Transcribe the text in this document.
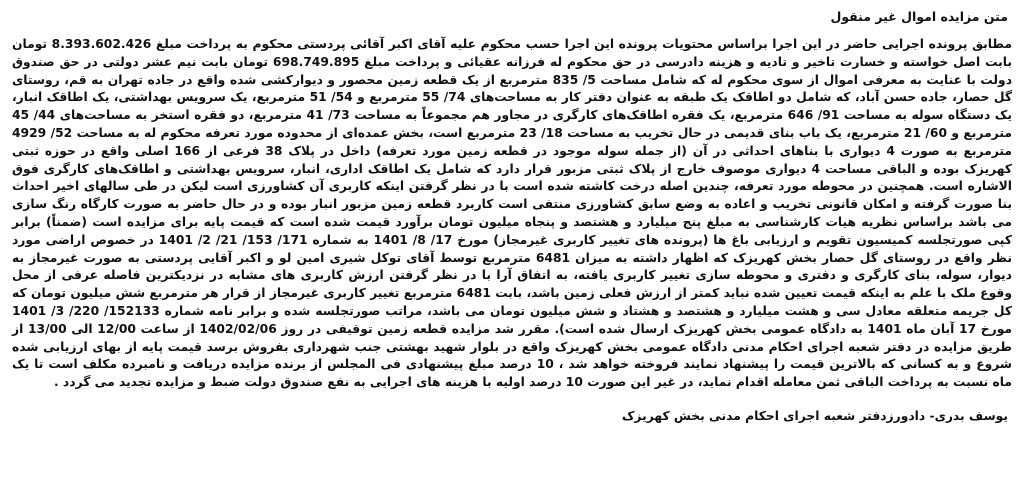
متن مزایده اموال غیر منقول

مطابق پرونده اجرایی حاضر در این اجرا براساس محتویات پرونده این اجرا حسب محکوم علیه آقای اکبر آقائی پردستی محکوم به پرداخت مبلغ 8.393.602.426 تومان بابت اصل خواسته و خسارت تاخیر و تادیه و هزینه دادرسی در حق محکوم له فرزانه عقیائی و پرداخت مبلغ 698.749.895 تومان بابت نیم عشر دولتی در حق صندوق دولت با عنایت به معرفی اموال از سوی محکوم له که شامل مساحت 5/ 835 مترمربع از یک قطعه زمین محصور و دیوارکشی شده واقع در جاده تهران به قم، روستای گل حصار، جاده حسن آباد، که شامل دو اطاقک یک طبقه به عنوان دفتر کار به مساحت‌های 74/ 55 مترمربع و 54/ 51 مترمربع، یک سرویس بهداشتی، یک اطاقک انبار، یک دستگاه سوله به مساحت 91/ 646 مترمربع، یک فقره اطاقک‌های کارگری در مجاور هم مجموعاً به مساحت 73/ 41 مترمربع، دو فقره استخر به مساحت‌های 44/ 45 مترمربع و 60/ 21 مترمربع، یک باب بنای قدیمی در حال تخریب به مساحت 18/ 23 مترمربع است، بخش عمده‌ای از محدوده مورد تعرفه محکوم له به مساحت 52/ 4929 مترمربع به صورت 4 دیواری با بناهای احداثی در آن (از جمله سوله موجود در قطعه زمین مورد تعرفه) داخل در پلاک 38 فرعی از 166 اصلی واقع در حوزه ثبتی کهریزک بوده و الباقی مساحت 4 دیواری موصوف خارج از پلاک ثبتی مزبور قرار دارد که شامل یک اطاقک اداری، انبار، سرویس بهداشتی و اطاقک‌های کارگری فوق الاشاره است. همچنین در محوطه مورد تعرفه، چندین اصله درخت کاشته شده است با در نظر گرفتن اینکه کاربری آن کشاورزی است لیکن در طی سالهای اخیر احداث بنا صورت گرفته و امکان قانونی تخریب و اعاده به وضع سابق کشاورزی منتفی است کاربرد قطعه زمین مزبور انبار بوده و در حال حاضر به صورت کارگاه رنگ سازی می باشد براساس نظریه هیات کارشناسی به مبلغ پنج میلیارد و هشتصد و پنجاه میلیون تومان برآورد قیمت شده است که قیمت پایه برای مزایده است (ضمناً) برابر کپی صورتجلسه کمیسیون تقویم و ارزیابی باغ ها (پرونده های تغییر کاربری غیرمجاز) مورخ 17/ 8/ 1401 به شماره 171/ 153/ 21/ 2/ 1401 در خصوص اراضی مورد نظر واقع در روستای گل حصار بخش کهریزک که اظهار داشته به میزان 6481 مترمربع توسط آقای توکل شیری امین لو و اکبر آقایی پردستی به صورت غیرمجاز به دیوار، سوله، بنای کارگری و دفتری و محوطه سازی تغییر کاربری یافته، به اتفاق آرا با در نظر گرفتن ارزش کاربری های مشابه در نزدیکترین فاصله عرفی از محل وقوع ملک با علم به اینکه قیمت تعیین شده نباید کمتر از ارزش فعلی زمین باشد، بابت 6481 مترمربع تغییر کاربری غیرمجاز از قرار هر مترمربع شش میلیون تومان که کل جریمه متعلقه معادل سی و هشت میلیارد و هشتصد و هشتاد و شش میلیون تومان می باشد، مراتب صورتجلسه شده و برابر نامه شماره 152133/ 220/ 3/ 1401 مورخ 17 آبان ماه 1401 به دادگاه عمومی بخش کهریزک ارسال شده است). مقرر شد مزایده قطعه زمین توقیفی در روز 1402/02/06 از ساعت 12/00 الی 13/00 از طریق مزایده در دفتر شعبه اجرای احکام مدنی دادگاه عمومی بخش کهریزک واقع در بلوار شهید بهشتی جنب شهرداری بفروش برسد قیمت پایه از بهای ارزیابی شده شروع و به کسانی که بالاترین قیمت را پیشنهاد نمایند فروخته خواهد شد ، 10 درصد مبلغ پیشنهادی فی المجلس از برنده مزایده دریافت و نامبرده مکلف است تا یک ماه نسبت به پرداخت الباقی ثمن معامله اقدام نماید، در غیر این صورت 10 درصد اولیه با هزینه های اجرایی به نفع صندوق دولت ضبط و مزایده تجدید می گردد .

یوسف بدری- دادورزدفتر شعبه اجرای احکام مدنی بخش کهریزک
